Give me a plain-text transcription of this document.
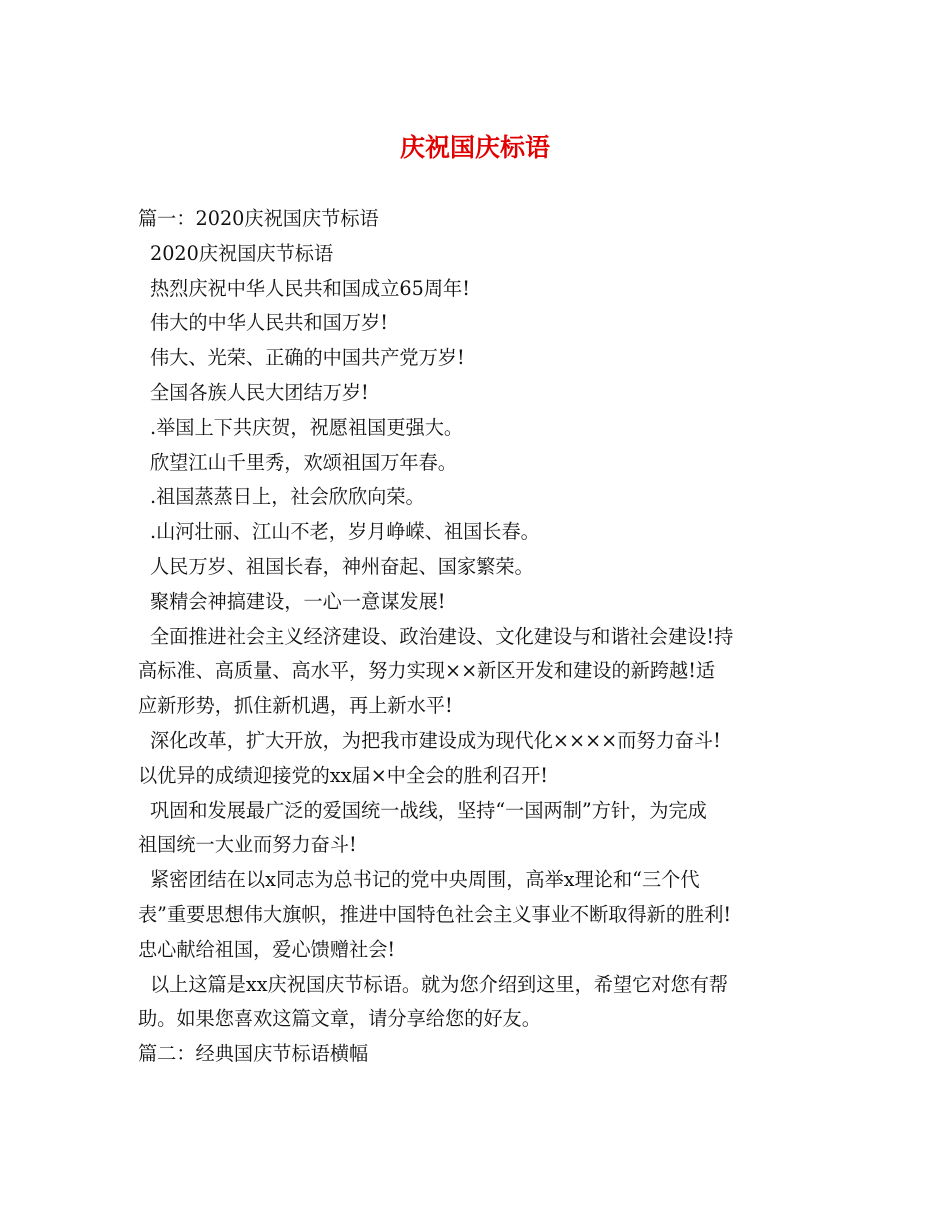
庆祝国庆标语
篇一：2020庆祝国庆节标语
2020庆祝国庆节标语
热烈庆祝中华人民共和国成立65周年!
伟大的中华人民共和国万岁!
伟大、光荣、正确的中国共产党万岁!
全国各族人民大团结万岁!
.举国上下共庆贺，祝愿祖国更强大。
欣望江山千里秀，欢颂祖国万年春。
.祖国蒸蒸日上，社会欣欣向荣。
.山河壮丽、江山不老，岁月峥嵘、祖国长春。
人民万岁、祖国长春，神州奋起、国家繁荣。
聚精会神搞建设，一心一意谋发展!
全面推进社会主义经济建设、政治建设、文化建设与和谐社会建设!持
高标准、高质量、高水平，努力实现××新区开发和建设的新跨越!适
应新形势，抓住新机遇，再上新水平!
深化改革，扩大开放，为把我市建设成为现代化××××而努力奋斗!
以优异的成绩迎接党的xx届×中全会的胜利召开!
巩固和发展最广泛的爱国统一战线，坚持“一国两制”方针，为完成
祖国统一大业而努力奋斗!
紧密团结在以x同志为总书记的党中央周围，高举x理论和“三个代
表”重要思想伟大旗帜，推进中国特色社会主义事业不断取得新的胜利!
忠心献给祖国，爱心馈赠社会!
以上这篇是xx庆祝国庆节标语。就为您介绍到这里，希望它对您有帮
助。如果您喜欢这篇文章，请分享给您的好友。
篇二：经典国庆节标语横幅
